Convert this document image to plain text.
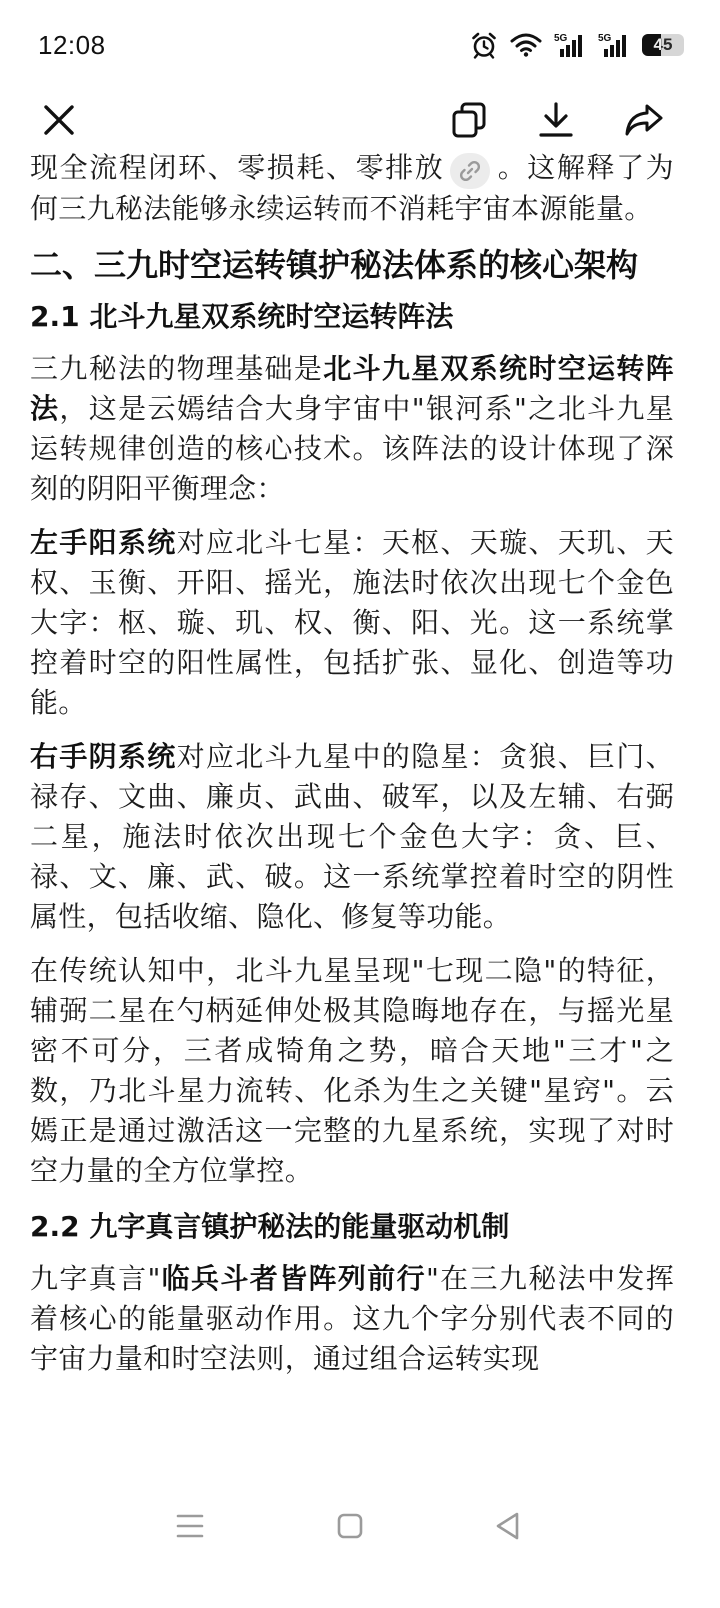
12:08	5G	5G	45

现全流程闭环、零损耗、零排放 。这解释了为何三九秘法能够永续运转而不消耗宇宙本源能量。

二、三九时空运转镇护秘法体系的核心架构
2.1 北斗九星双系统时空运转阵法

三九秘法的物理基础是北斗九星双系统时空运转阵法，这是云嫣结合大身宇宙中"银河系"之北斗九星运转规律创造的核心技术。该阵法的设计体现了深刻的阴阳平衡理念：

左手阳系统对应北斗七星：天枢、天璇、天玑、天权、玉衡、开阳、摇光，施法时依次出现七个金色大字：枢、璇、玑、权、衡、阳、光。这一系统掌控着时空的阳性属性，包括扩张、显化、创造等功能。

右手阴系统对应北斗九星中的隐星：贪狼、巨门、禄存、文曲、廉贞、武曲、破军，以及左辅、右弼二星，施法时依次出现七个金色大字：贪、巨、禄、文、廉、武、破。这一系统掌控着时空的阴性属性，包括收缩、隐化、修复等功能。

在传统认知中，北斗九星呈现"七现二隐"的特征，辅弼二星在勺柄延伸处极其隐晦地存在，与摇光星密不可分，三者成犄角之势，暗合天地"三才"之数，乃北斗星力流转、化杀为生之关键"星窍"。云嫣正是通过激活这一完整的九星系统，实现了对时空力量的全方位掌控。

2.2 九字真言镇护秘法的能量驱动机制

九字真言"临兵斗者皆阵列前行"在三九秘法中发挥着核心的能量驱动作用。这九个字分别代表不同的宇宙力量和时空法则，通过组合运转实现
